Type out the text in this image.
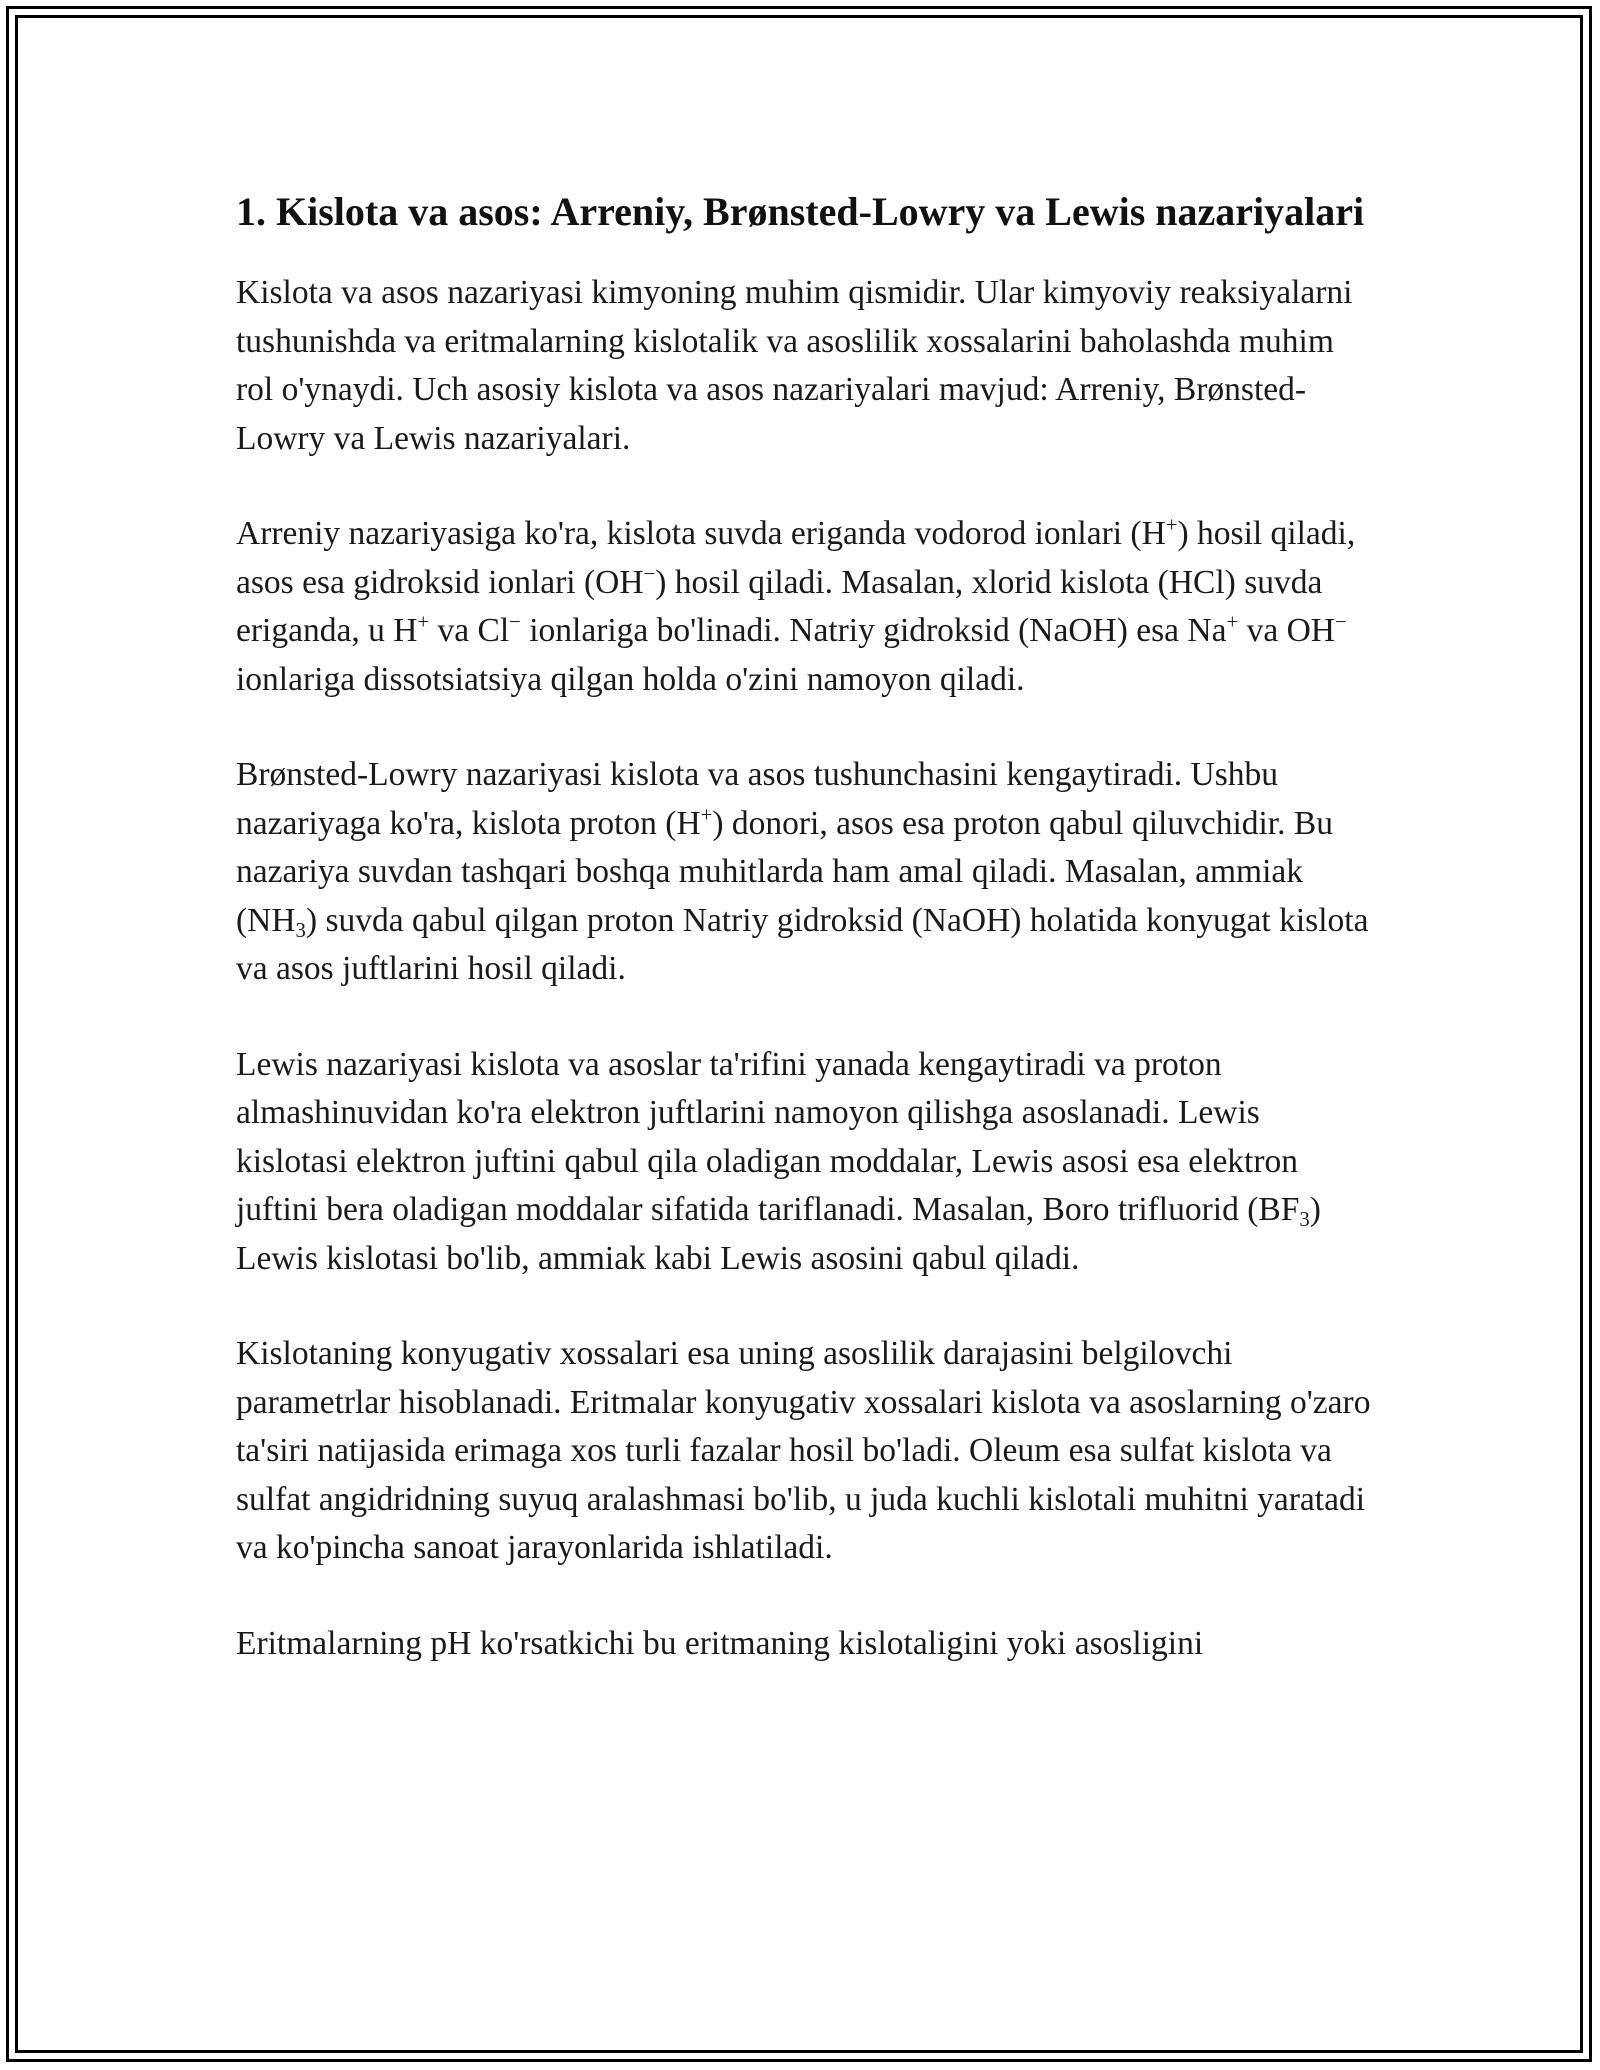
1. Kislota va asos: Arreniy, Brønsted-Lowry va Lewis nazariyalari

Kislota va asos nazariyasi kimyoning muhim qismidir. Ular kimyoviy reaksiyalarni tushunishda va eritmalarning kislotalik va asoslilik xossalarini baholashda muhim rol o'ynaydi. Uch asosiy kislota va asos nazariyalari mavjud: Arreniy, Brønsted-Lowry va Lewis nazariyalari.

Arreniy nazariyasiga ko'ra, kislota suvda eriganda vodorod ionlari (H+) hosil qiladi, asos esa gidroksid ionlari (OH−) hosil qiladi. Masalan, xlorid kislota (HCl) suvda eriganda, u H+ va Cl− ionlariga bo'linadi. Natriy gidroksid (NaOH) esa Na+ va OH− ionlariga dissotsiatsiya qilgan holda o'zini namoyon qiladi.

Brønsted-Lowry nazariyasi kislota va asos tushunchasini kengaytiradi. Ushbu nazariyaga ko'ra, kislota proton (H+) donori, asos esa proton qabul qiluvchidir. Bu nazariya suvdan tashqari boshqa muhitlarda ham amal qiladi. Masalan, ammiak $(NH_3)$ suvda qabul qilgan proton Natriy gidroksid (NaOH) holatida konyugat kislota va asos juftlarini hosil qiladi.

Lewis nazariyasi kislota va asoslar ta'rifini yanada kengaytiradi va proton almashinuvidan ko'ra elektron juftlarini namoyon qilishga asoslanadi. Lewis kislotasi elektron juftini qabul qila oladigan moddalar, Lewis asosi esa elektron juftini bera oladigan moddalar sifatida tariflanadi. Masalan, Boro trifluorid $(BF_3)$ Lewis kislotasi bo'lib, ammiak kabi Lewis asosini qabul qiladi.

Kislotaning konyugativ xossalari esa uning asoslilik darajasini belgilovchi parametrlar hisoblanadi. Eritmalar konyugativ xossalari kislota va asoslarning o'zaro ta'siri natijasida erimaga xos turli fazalar hosil bo'ladi. Oleum esa sulfat kislota va sulfat angidridning suyuq aralashmasi bo'lib, u juda kuchli kislotali muhitni yaratadi va ko'pincha sanoat jarayonlarida ishlatiladi.

Eritmalarning pH ko'rsatkichi bu eritmaning kislotaligini yoki asosligini
